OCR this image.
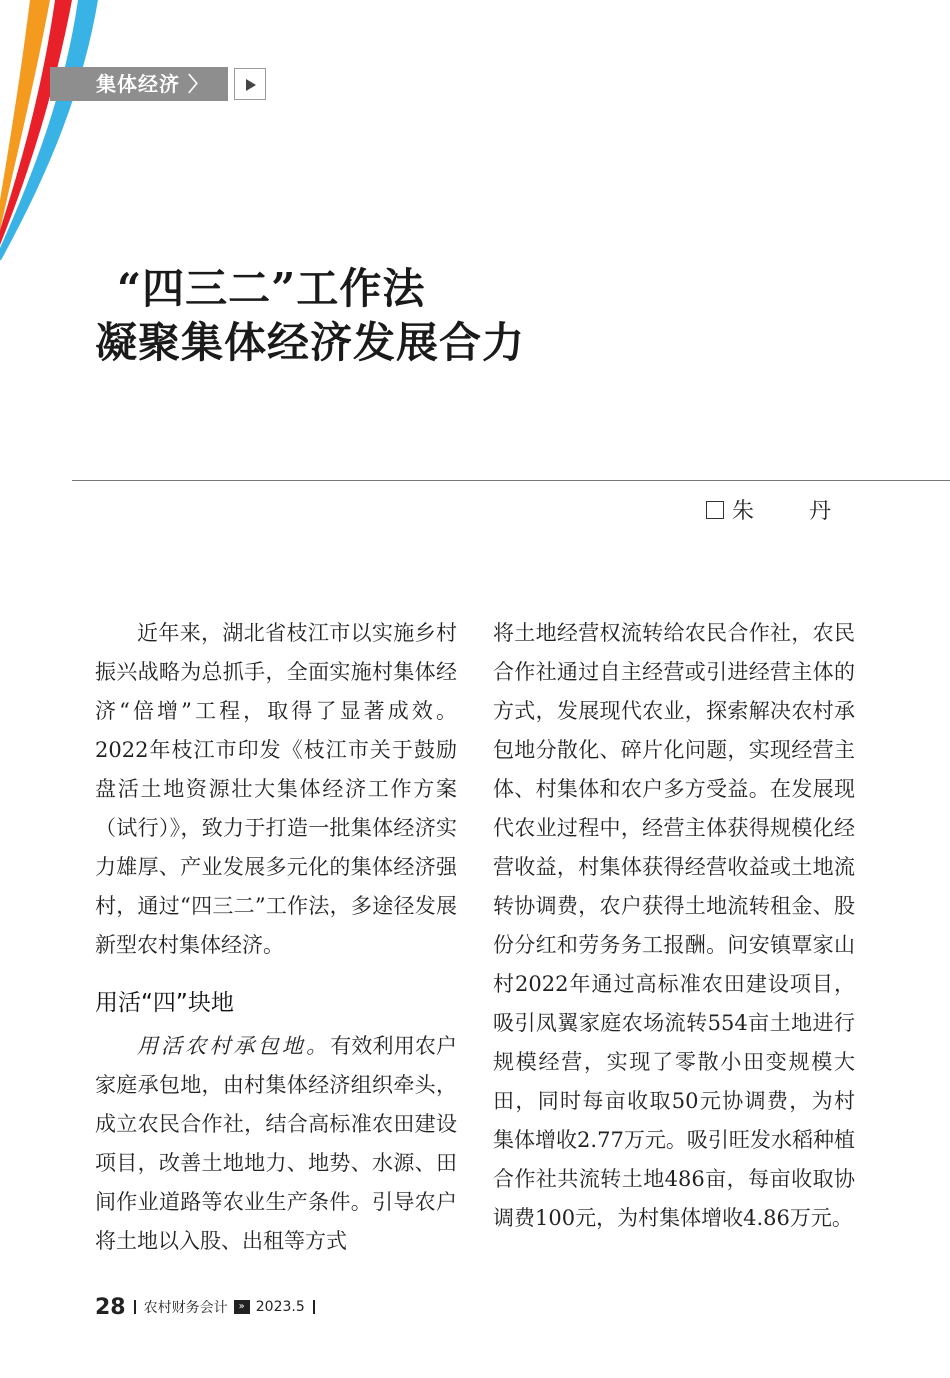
集体经济 〉
“四三二”工作法
凝聚集体经济发展合力
朱 丹

近年来，湖北省枝江市以实施乡村振兴战略为总抓手，全面实施村集体经济“倍增”工程，取得了显著成效。2022年枝江市印发《枝江市关于鼓励盘活土地资源壮大集体经济工作方案（试行）》，致力于打造一批集体经济实力雄厚、产业发展多元化的集体经济强村，通过“四三二”工作法，多途径发展新型农村集体经济。

用活“四”块地

用活农村承包地。有效利用农户家庭承包地，由村集体经济组织牵头，成立农民合作社，结合高标准农田建设项目，改善土地地力、地势、水源、田间作业道路等农业生产条件。引导农户将土地以入股、出租等方式

将土地经营权流转给农民合作社，农民合作社通过自主经营或引进经营主体的方式，发展现代农业，探索解决农村承包地分散化、碎片化问题，实现经营主体、村集体和农户多方受益。在发展现代农业过程中，经营主体获得规模化经营收益，村集体获得经营收益或土地流转协调费，农户获得土地流转租金、股份分红和劳务务工报酬。问安镇覃家山村2022年通过高标准农田建设项目，吸引凤翼家庭农场流转554亩土地进行规模经营，实现了零散小田变规模大田，同时每亩收取50元协调费，为村集体增收2.77万元。吸引旺发水稻种植合作社共流转土地486亩，每亩收取协调费100元，为村集体增收4.86万元。

28 农村财务会计	» 2023.5
